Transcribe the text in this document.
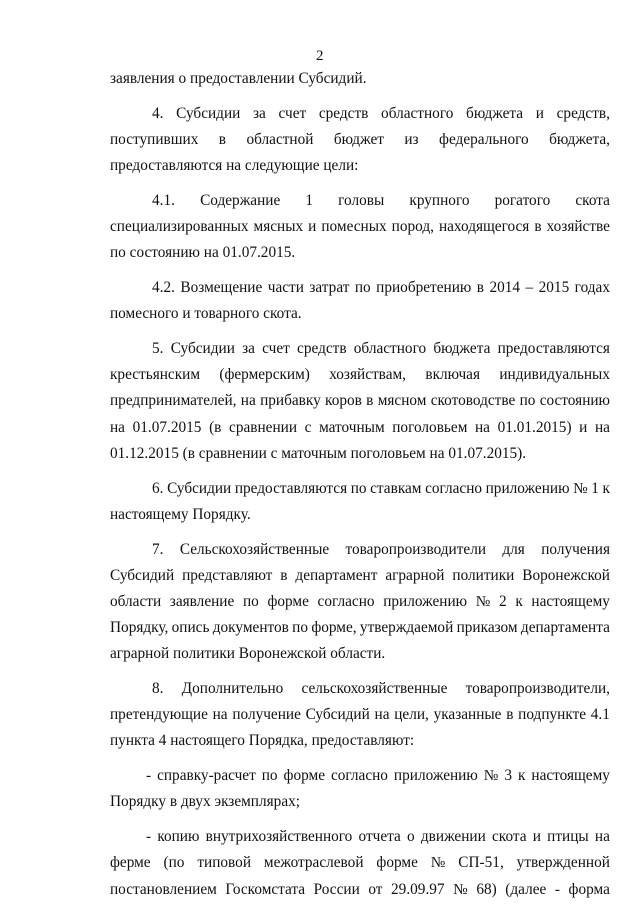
2
заявления о предоставлении Субсидий.
4. Субсидии за счет средств областного бюджета и средств,
поступивших в областной бюджет из федерального бюджета,
предоставляются на следующие цели:
4.1. Содержание 1 головы крупного рогатого скота
специализированных мясных и помесных пород, находящегося в хозяйстве
по состоянию на 01.07.2015.
4.2. Возмещение части затрат по приобретению в 2014 – 2015 годах
помесного и товарного скота.
5. Субсидии за счет средств областного бюджета предоставляются
крестьянским (фермерским) хозяйствам, включая индивидуальных
предпринимателей, на прибавку коров в мясном скотоводстве по состоянию
на 01.07.2015 (в сравнении с маточным поголовьем на 01.01.2015) и на
01.12.2015 (в сравнении с маточным поголовьем на 01.07.2015).
6. Субсидии предоставляются по ставкам согласно приложению № 1 к
настоящему Порядку.
7. Сельскохозяйственные товаропроизводители для получения
Субсидий представляют в департамент аграрной политики Воронежской
области заявление по форме согласно приложению № 2 к настоящему
Порядку, опись документов по форме, утверждаемой приказом департамента
аграрной политики Воронежской области.
8. Дополнительно сельскохозяйственные товаропроизводители,
претендующие на получение Субсидий на цели, указанные в подпункте 4.1
пункта 4 настоящего Порядка, предоставляют:
- справку-расчет по форме согласно приложению № 3 к настоящему
Порядку в двух экземплярах;
- копию внутрихозяйственного отчета о движении скота и птицы на
ферме (по типовой межотраслевой форме № СП-51, утвержденной
постановлением Госкомстата России от 29.09.97 № 68) (далее - форма
